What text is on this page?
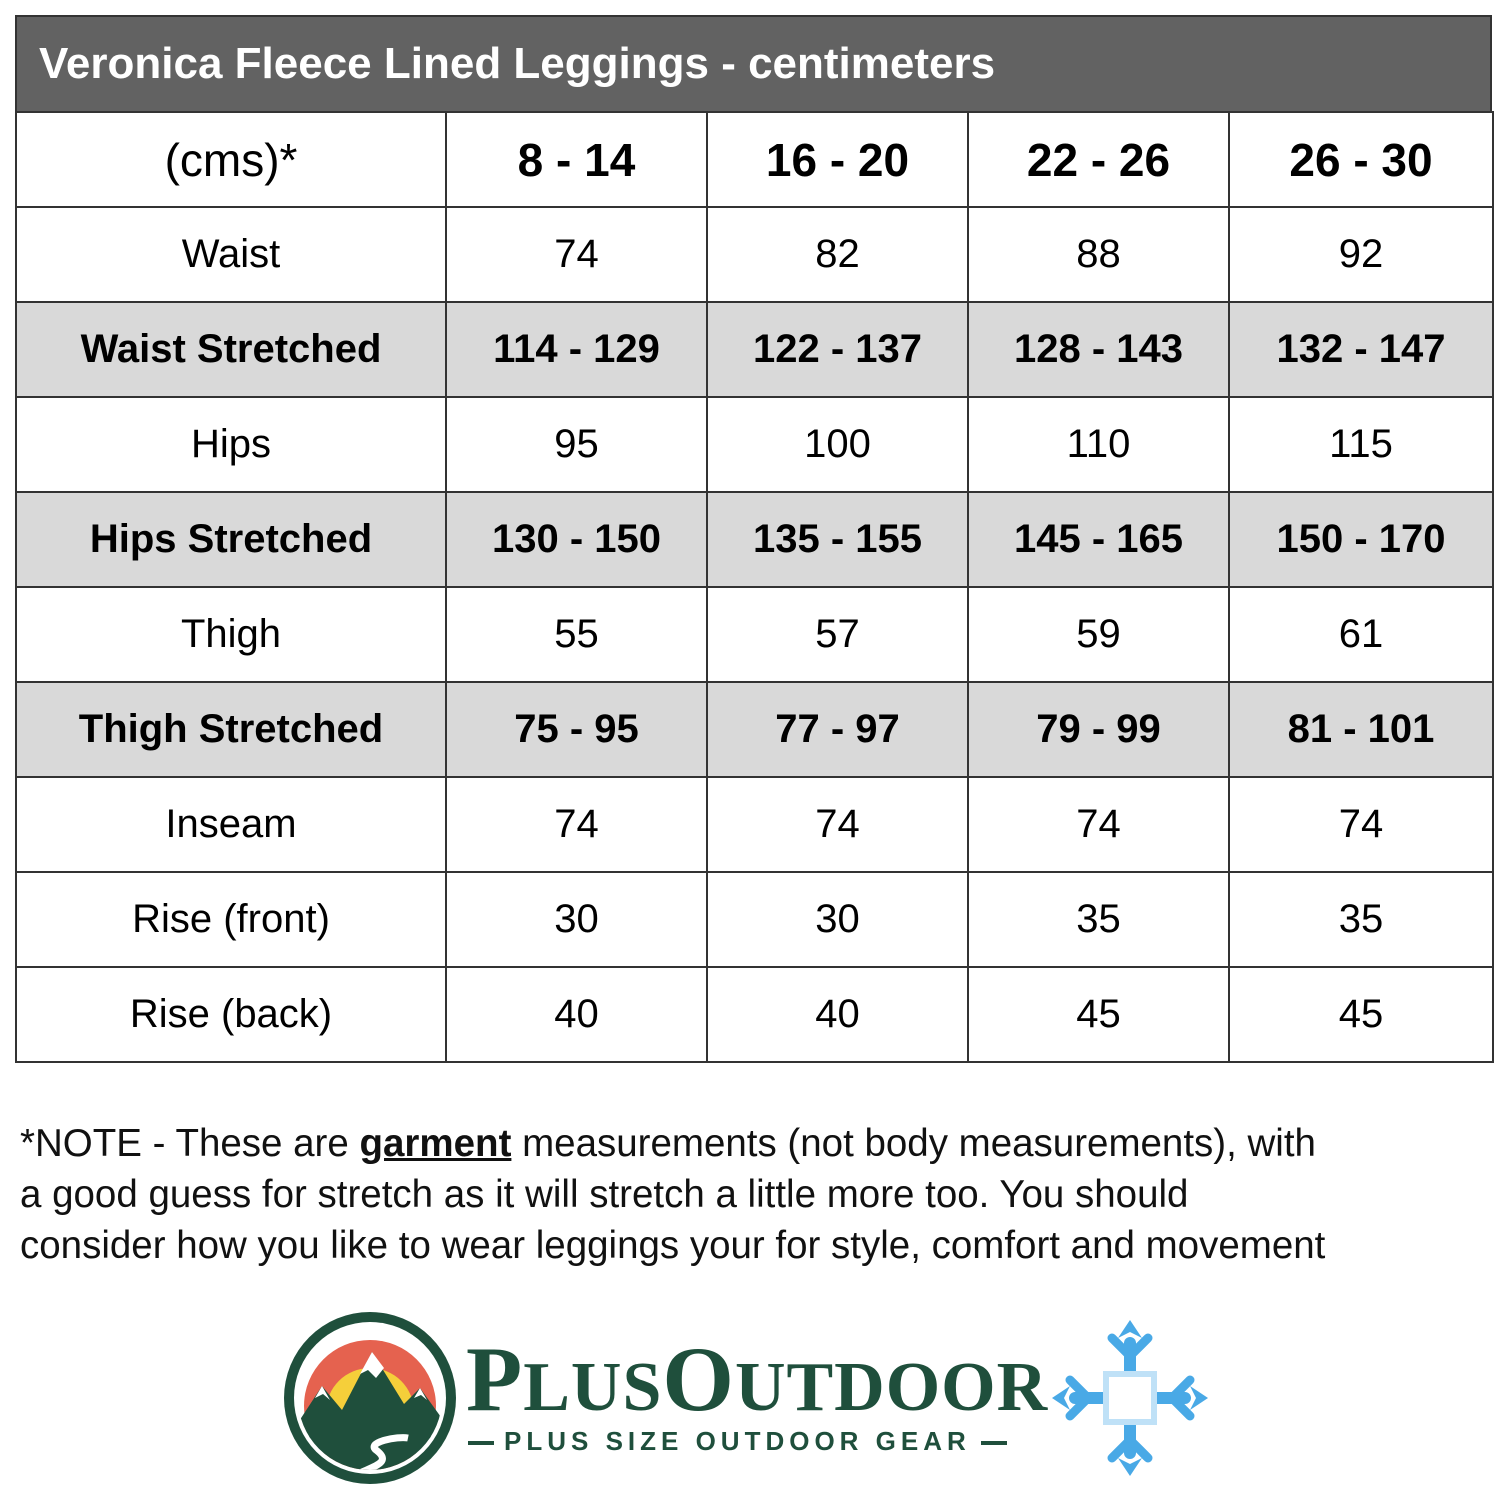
Veronica Fleece Lined Leggings - centimeters
(cms)*	8 - 14	16 - 20	22 - 26	26 - 30
Waist	74	82	88	92
Waist Stretched	114 - 129	122 - 137	128 - 143	132 - 147
Hips	95	100	110	115
Hips Stretched	130 - 150	135 - 155	145 - 165	150 - 170
Thigh	55	57	59	61
Thigh Stretched	75 - 95	77 - 97	79 - 99	81 - 101
Inseam	74	74	74	74
Rise (front)	30	30	35	35
Rise (back)	40	40	45	45
*NOTE - These are garment measurements (not body measurements), with
a good guess for stretch as it will stretch a little more too. You should
consider how you like to wear leggings your for style, comfort and movement
PLUSOUTDOOR
PLUS SIZE OUTDOOR GEAR
